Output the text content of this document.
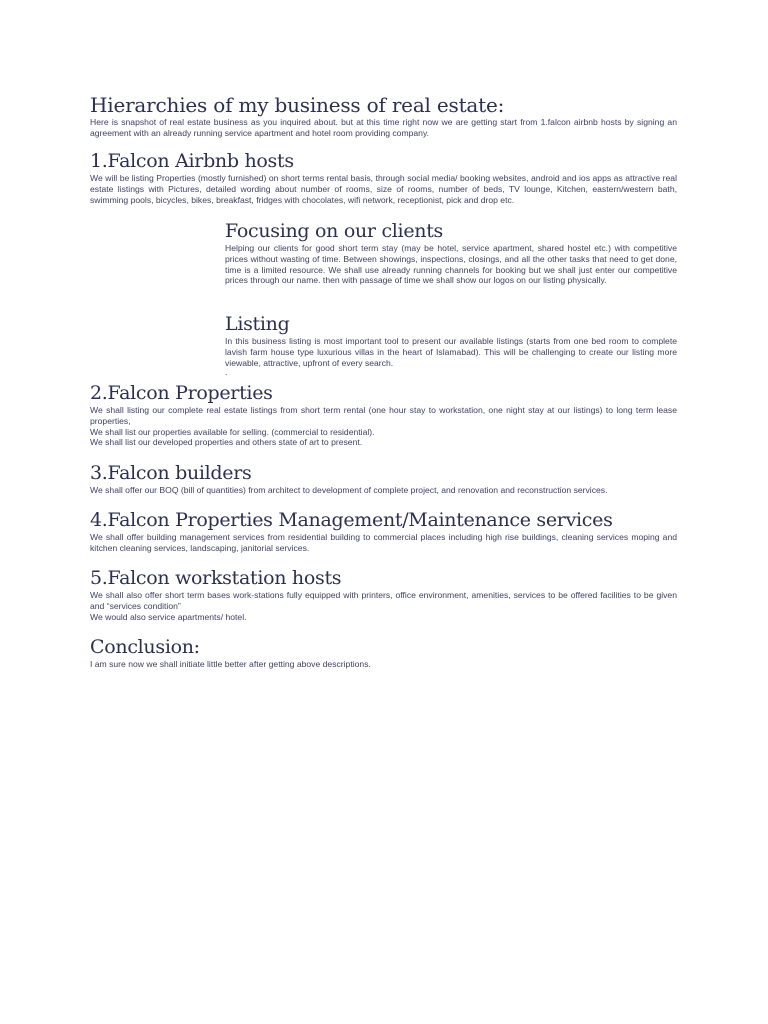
Hierarchies of my business of real estate:

Here is snapshot of real estate business as you inquired about. but at this time right now we are getting start from 1.falcon airbnb hosts by signing an agreement with an already running service apartment and hotel room providing company.

1.Falcon Airbnb hosts

We will be listing Properties (mostly furnished) on short terms rental basis, through social media/ booking websites, android and ios apps as attractive real estate listings with Pictures, detailed wording about number of rooms, size of rooms, number of beds, TV lounge, Kitchen, eastern/western bath, swimming pools, bicycles, bikes, breakfast, fridges with chocolates, wifi network, receptionist, pick and drop etc.

Focusing on our clients

Helping our clients for good short term stay (may be hotel, service apartment, shared hostel etc.) with competitive prices without wasting of time. Between showings, inspections, closings, and all the other tasks that need to get done, time is a limited resource. We shall use already running channels for booking but we shall just enter our competitive prices through our name. then with passage of time we shall show our logos on our listing physically.

Listing

In this business listing is most important tool to present our available listings (starts from one bed room to complete lavish farm house type luxurious villas in the heart of Islamabad). This will be challenging to create our listing more viewable, attractive, upfront of every search.

.

2.Falcon Properties

We shall listing our complete real estate listings from short term rental (one hour stay to workstation, one night stay at our listings) to long term lease properties,

We shall list our properties available for selling. (commercial to residential).

We shall list our developed properties and others state of art to present.

3.Falcon builders

We shall offer our BOQ (bill of quantities) from architect to development of complete project, and renovation and reconstruction services.

4.Falcon Properties Management/Maintenance services

We shall offer building management services from residential building to commercial places including high rise buildings, cleaning services moping and kitchen cleaning services, landscaping, janitorial services.

5.Falcon workstation hosts

We shall also offer short term bases work-stations fully equipped with printers, office environment, amenities, services to be offered facilities to be given and “services condition”

We would also service apartments/ hotel.

Conclusion:

I am sure now we shall initiate little better after getting above descriptions.
